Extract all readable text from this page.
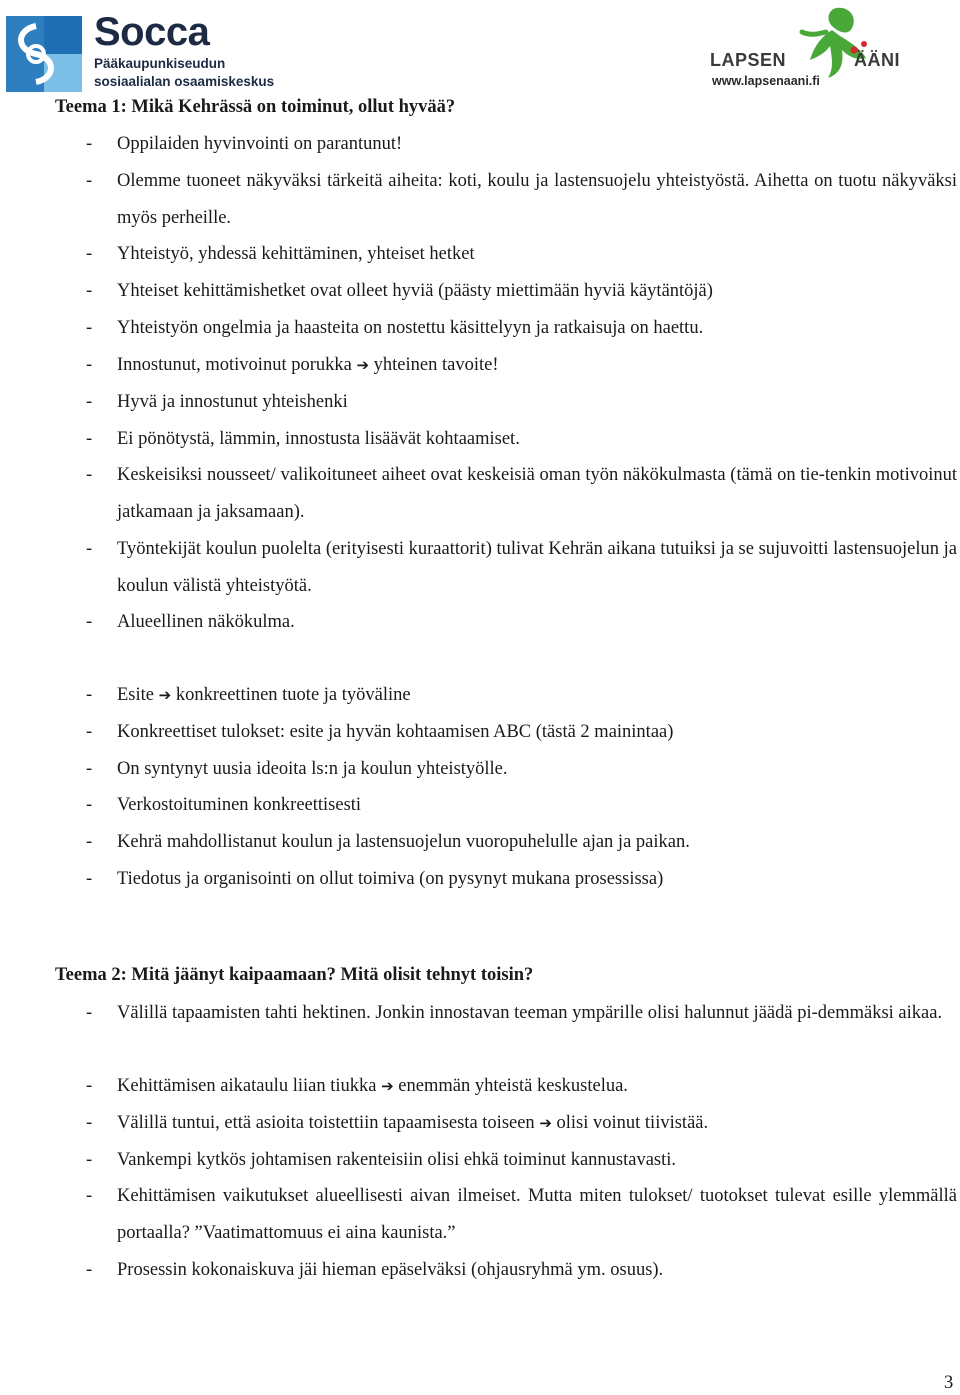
Socca
Pääkaupunkiseudun
sosiaalialan osaamiskeskus
LAPSEN	ÄÄNI
www.lapsenaani.fi
Teema 1: Mikä Kehrässä on toiminut, ollut hyvää?
- Oppilaiden hyvinvointi on parantunut!

- Olemme tuoneet näkyväksi tärkeitä aiheita: koti, koulu ja lastensuojelu yhteistyöstä. Aihetta on tuotu näkyväksi myös perheille.

- Yhteistyö, yhdessä kehittäminen, yhteiset hetket

- Yhteiset kehittämishetket ovat olleet hyviä (päästy miettimään hyviä käytäntöjä)

- Yhteistyön ongelmia ja haasteita on nostettu käsittelyyn ja ratkaisuja on haettu.

- Innostunut, motivoinut porukka ➔ yhteinen tavoite!

- Hyvä ja innostunut yhteishenki

- Ei pönötystä, lämmin, innostusta lisäävät kohtaamiset.

- Keskeisiksi nousseet/ valikoituneet aiheet ovat keskeisiä oman työn näkökulmasta (tämä on tie-tenkin motivoinut jatkamaan ja jaksamaan).

- Työntekijät koulun puolelta (erityisesti kuraattorit) tulivat Kehrän aikana tutuiksi ja se sujuvoitti lastensuojelun ja koulun välistä yhteistyötä.

- Alueellinen näkökulma.

- Esite ➔ konkreettinen tuote ja työväline

- Konkreettiset tulokset: esite ja hyvän kohtaamisen ABC (tästä 2 mainintaa)

- On syntynyt uusia ideoita ls:n ja koulun yhteistyölle.

- Verkostoituminen konkreettisesti

- Kehrä mahdollistanut koulun ja lastensuojelun vuoropuhelulle ajan ja paikan.

- Tiedotus ja organisointi on ollut toimiva (on pysynyt mukana prosessissa)

Teema 2: Mitä jäänyt kaipaamaan? Mitä olisit tehnyt toisin?
- Välillä tapaamisten tahti hektinen. Jonkin innostavan teeman ympärille olisi halunnut jäädä pi-demmäksi aikaa.

- Kehittämisen aikataulu liian tiukka ➔ enemmän yhteistä keskustelua.

- Välillä tuntui, että asioita toistettiin tapaamisesta toiseen ➔ olisi voinut tiivistää.

- Vankempi kytkös johtamisen rakenteisiin olisi ehkä toiminut kannustavasti.

- Kehittämisen vaikutukset alueellisesti aivan ilmeiset. Mutta miten tulokset/ tuotokset tulevat esille ylemmällä portaalla? ”Vaatimattomuus ei aina kaunista.”

- Prosessin kokonaiskuva jäi hieman epäselväksi (ohjausryhmä ym. osuus).

3
